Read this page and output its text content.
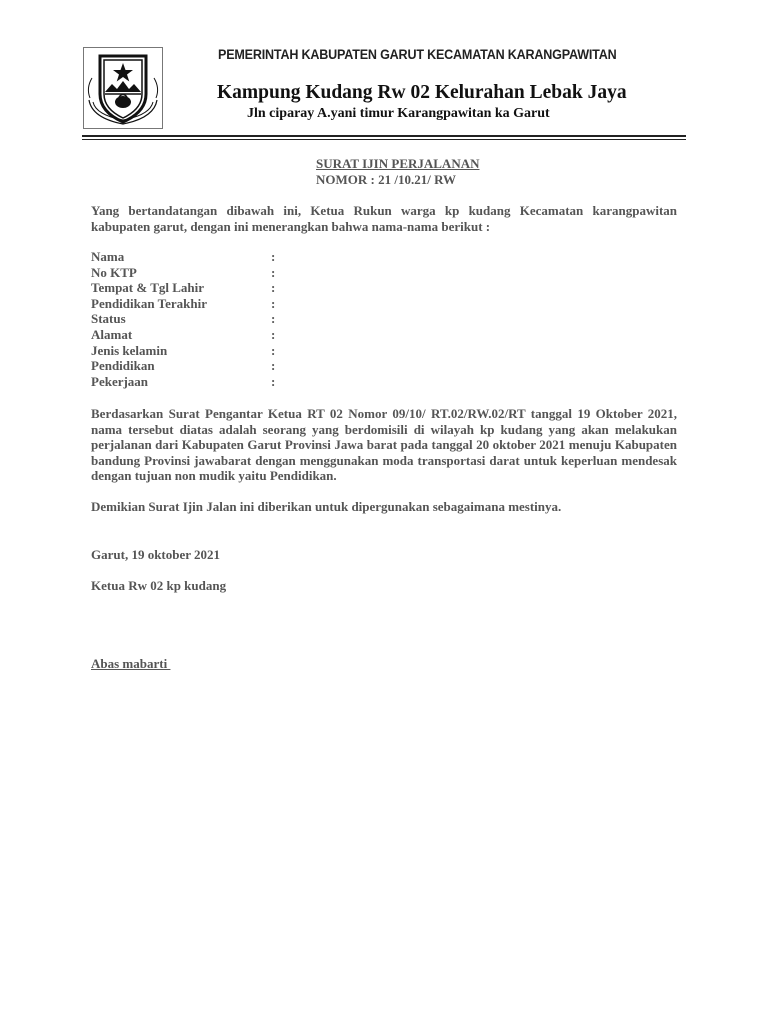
PEMERINTAH KABUPATEN GARUT KECAMATAN KARANGPAWITAN
Kampung Kudang Rw 02 Kelurahan Lebak Jaya
Jln ciparay A.yani timur Karangpawitan ka Garut
SURAT IJIN PERJALANAN
NOMOR : 21 /10.21/ RW
Yang bertandatangan dibawah ini, Ketua Rukun warga kp kudang Kecamatan karangpawitan kabupaten garut, dengan ini menerangkan bahwa nama-nama berikut :
Nama	:
No KTP	:
Tempat & Tgl Lahir	:
Pendidikan Terakhir	:
Status	:
Alamat	:
Jenis kelamin	:
Pendidikan	:
Pekerjaan	:
Berdasarkan Surat Pengantar Ketua RT 02 Nomor 09/10/ RT.02/RW.02/RT tanggal 19 Oktober 2021, nama tersebut diatas adalah seorang yang berdomisili di wilayah kp kudang yang akan melakukan perjalanan dari Kabupaten Garut Provinsi Jawa barat pada tanggal 20 oktober 2021 menuju Kabupaten bandung Provinsi jawabarat dengan menggunakan moda transportasi darat untuk keperluan mendesak dengan tujuan non mudik yaitu Pendidikan.
Demikian Surat Ijin Jalan ini diberikan untuk dipergunakan sebagaimana mestinya.
Garut, 19 oktober 2021
Ketua Rw 02 kp kudang
Abas mabarti
